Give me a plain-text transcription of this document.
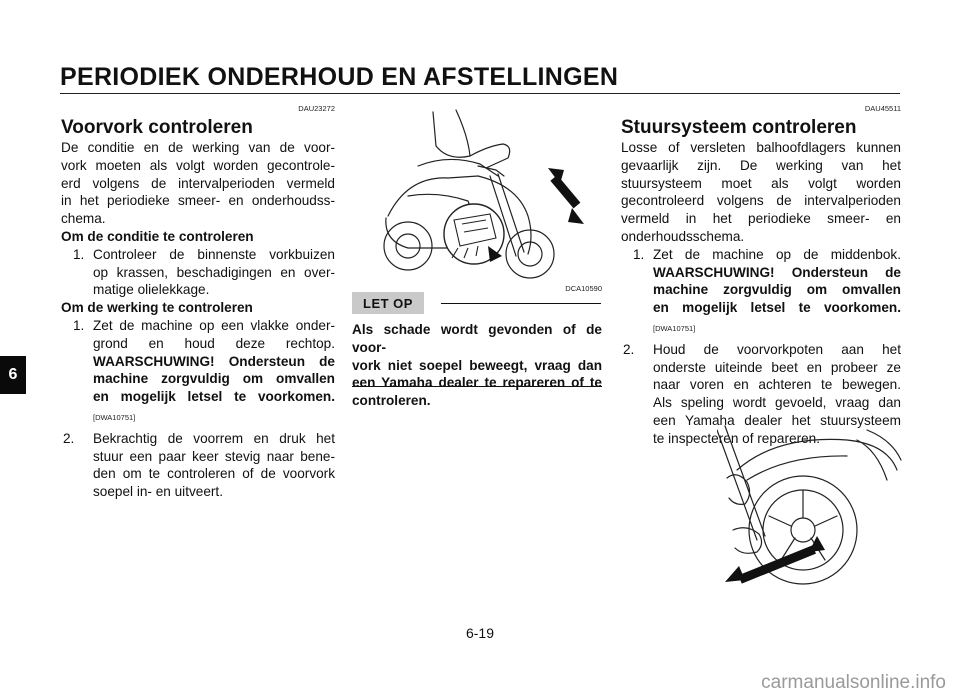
PERIODIEK ONDERHOUD EN AFSTELLINGEN
6
DAU23272
Voorvork controleren
De conditie en de werking van de voor-
vork moeten als volgt worden gecontrole-
erd volgens de intervalperioden vermeld
in het periodieke smeer- en onderhoudss-
chema.
Om de conditie te controleren
1. Controleer de binnenste vorkbuizen
op krassen, beschadigingen en over-
matige olielekkage.
Om de werking te controleren
1. Zet de machine op een vlakke onder-
grond en houd deze rechtop.
WAARSCHUWING! Ondersteun de
machine zorgvuldig om omvallen
en mogelijk letsel te voorkomen.
[DWA10751]
2. Bekrachtig de voorrem en druk het
stuur een paar keer stevig naar bene-
den om te controleren of de voorvork
soepel in- en uitveert.
DCA10590
LET OP
Als schade wordt gevonden of de voor-
vork niet soepel beweegt, vraag dan
een Yamaha dealer te repareren of te
controleren.
DAU45511
Stuursysteem controleren
Losse of versleten balhoofdlagers kunnen
gevaarlijk zijn. De werking van het
stuursysteem moet als volgt worden
gecontroleerd volgens de intervalperioden
vermeld in het periodieke smeer- en
onderhoudsschema.
1. Zet de machine op de middenbok.
WAARSCHUWING! Ondersteun de
machine zorgvuldig om omvallen
en mogelijk letsel te voorkomen.
[DWA10751]
2. Houd de voorvorkpoten aan het
onderste uiteinde beet en probeer ze
naar voren en achteren te bewegen.
Als speling wordt gevoeld, vraag dan
een Yamaha dealer het stuursysteem
te inspecteren of repareren.
6-19
carmanualsonline.info
